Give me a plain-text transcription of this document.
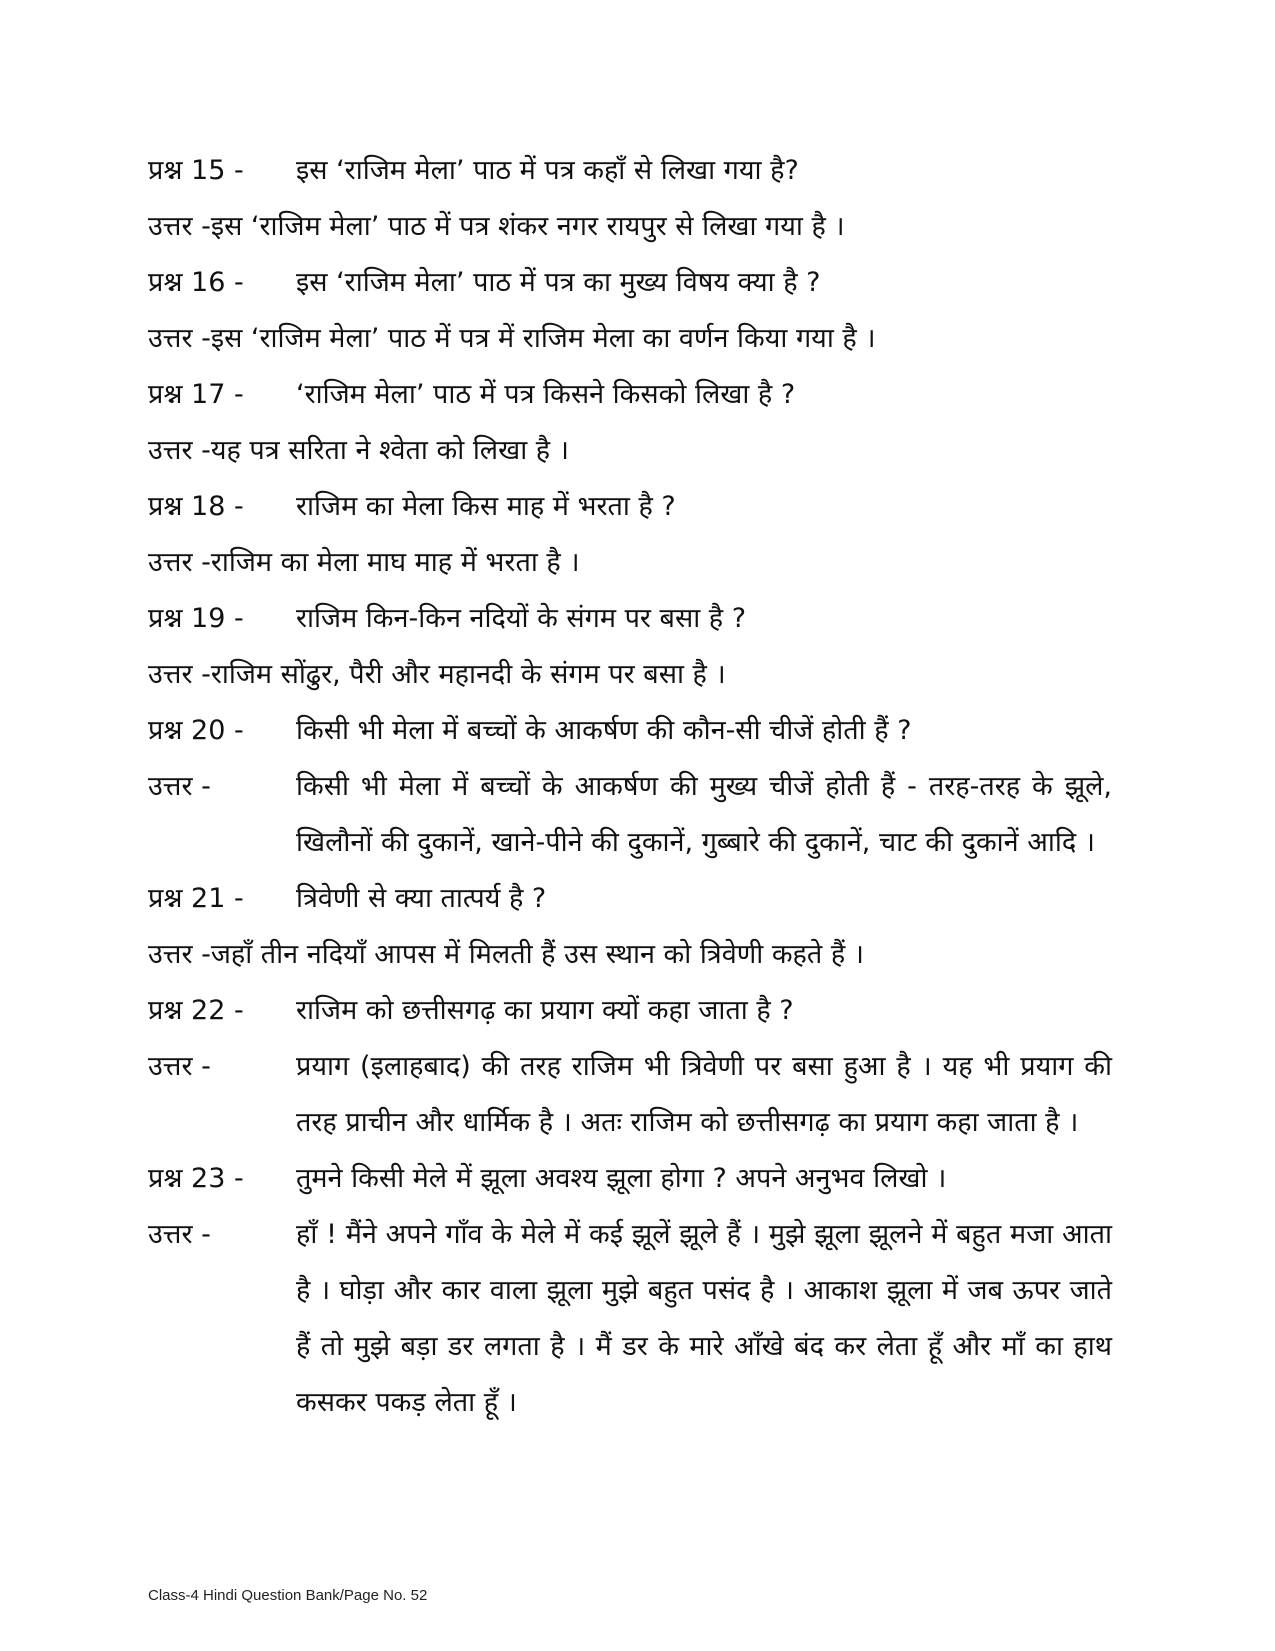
प्रश्न 15 -	इस ‘राजिम मेला’ पाठ में पत्र कहाँ से लिखा गया है?
उत्तर - इस ‘राजिम मेला’ पाठ में पत्र शंकर नगर रायपुर से लिखा गया है ।
प्रश्न 16 -	इस ‘राजिम मेला’ पाठ में पत्र का मुख्य विषय क्या है ?
उत्तर - इस ‘राजिम मेला’ पाठ में पत्र में राजिम मेला का वर्णन किया गया है ।
प्रश्न 17 -	‘राजिम मेला’ पाठ में पत्र किसने किसको लिखा है ?
उत्तर - यह पत्र सरिता ने श्वेता को लिखा है ।
प्रश्न 18 -	राजिम का मेला किस माह में भरता है ?
उत्तर - राजिम का मेला माघ माह में भरता है ।
प्रश्न 19 -	राजिम किन-किन नदियों के संगम पर बसा है ?
उत्तर - राजिम सोंढुर, पैरी और महानदी के संगम पर बसा है ।
प्रश्न 20 -	किसी भी मेला में बच्चों के आकर्षण की कौन-सी चीजें होती हैं ?
उत्तर -	किसी भी मेला में बच्चों के आकर्षण की मुख्य चीजें होती हैं - तरह-तरह के झूले, खिलौनों की दुकानें, खाने-पीने की दुकानें, गुब्बारे की दुकानें, चाट की दुकानें आदि ।
प्रश्न 21 -	त्रिवेणी से क्या तात्पर्य है ?
उत्तर - जहाँ तीन नदियाँ आपस में मिलती हैं उस स्थान को त्रिवेणी कहते हैं ।
प्रश्न 22 -	राजिम को छत्तीसगढ़ का प्रयाग क्यों कहा जाता है ?
उत्तर -	प्रयाग (इलाहबाद) की तरह राजिम भी त्रिवेणी पर बसा हुआ है । यह भी प्रयाग की तरह प्राचीन और धार्मिक है । अतः राजिम को छत्तीसगढ़ का प्रयाग कहा जाता है ।
प्रश्न 23 -	तुमने किसी मेले में झूला अवश्य झूला होगा ? अपने अनुभव लिखो ।
उत्तर -	हाँ ! मैंने अपने गाँव के मेले में कई झूलें झूले हैं । मुझे झूला झूलने में बहुत मजा आता है । घोड़ा और कार वाला झूला मुझे बहुत पसंद है । आकाश झूला में जब ऊपर जाते हैं तो मुझे बड़ा डर लगता है । मैं डर के मारे आँखे बंद कर लेता हूँ और माँ का हाथ कसकर पकड़ लेता हूँ ।
Class-4 Hindi Question Bank/Page No. 52
